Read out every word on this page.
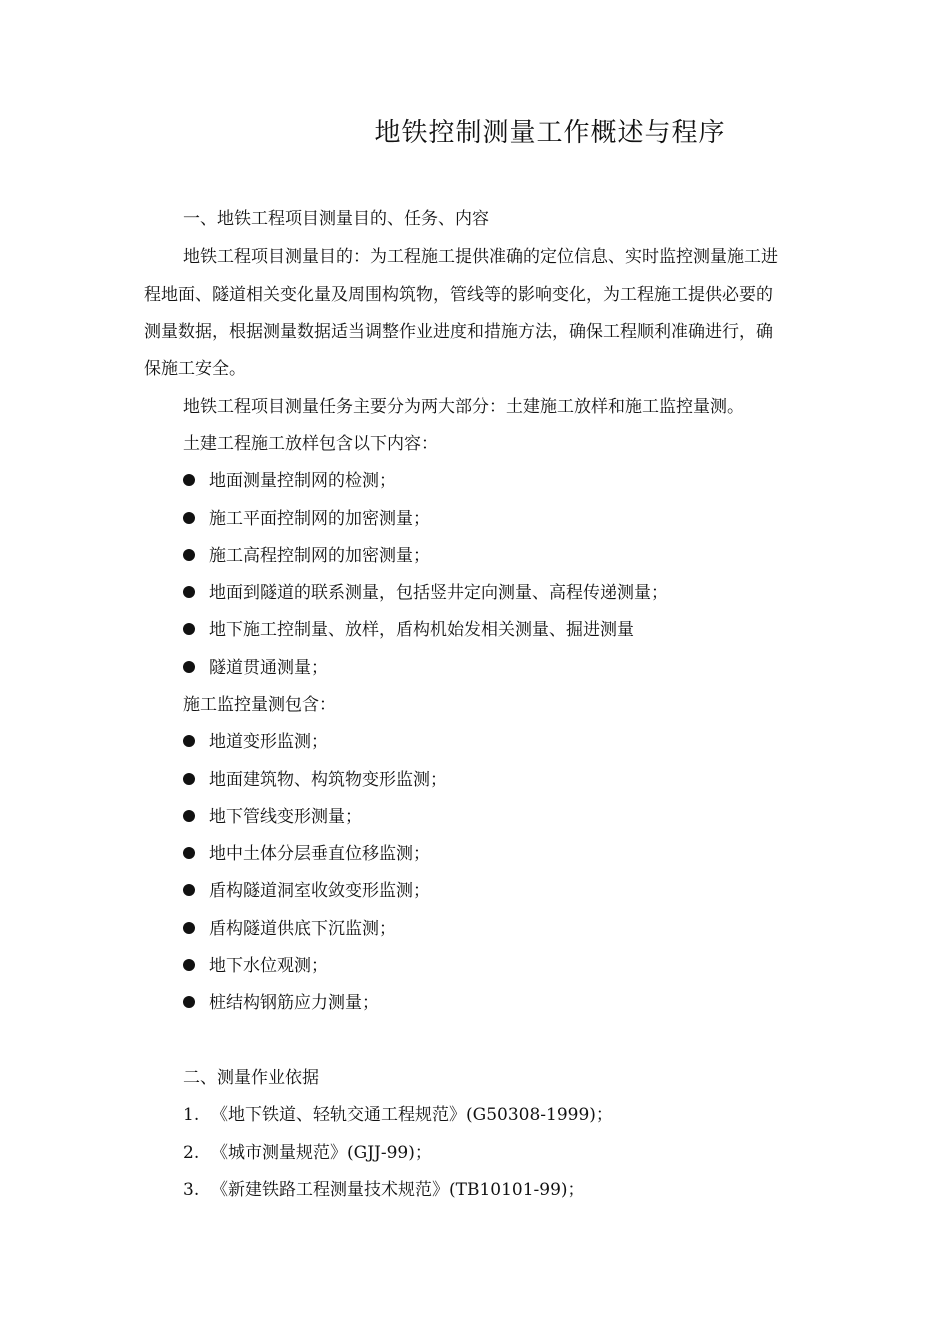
地铁控制测量工作概述与程序
一、地铁工程项目测量目的、任务、内容
地铁工程项目测量目的：为工程施工提供准确的定位信息、实时监控测量施工进
程地面、隧道相关变化量及周围构筑物，管线等的影响变化，为工程施工提供必要的
测量数据，根据测量数据适当调整作业进度和措施方法，确保工程顺利准确进行，确
保施工安全。
地铁工程项目测量任务主要分为两大部分：土建施工放样和施工监控量测。
土建工程施工放样包含以下内容：
地面测量控制网的检测；
施工平面控制网的加密测量；
施工高程控制网的加密测量；
地面到隧道的联系测量，包括竖井定向测量、高程传递测量；
地下施工控制量、放样，盾构机始发相关测量、掘进测量
隧道贯通测量；
施工监控量测包含：
地道变形监测；
地面建筑物、构筑物变形监测；
地下管线变形测量；
地中土体分层垂直位移监测；
盾构隧道洞室收敛变形监测；
盾构隧道供底下沉监测；
地下水位观测；
桩结构钢筋应力测量；
二、测量作业依据
1. 《地下铁道、轻轨交通工程规范》(G50308-1999)；
2. 《城市测量规范》(GJJ-99)；
3. 《新建铁路工程测量技术规范》(TB10101-99)；
